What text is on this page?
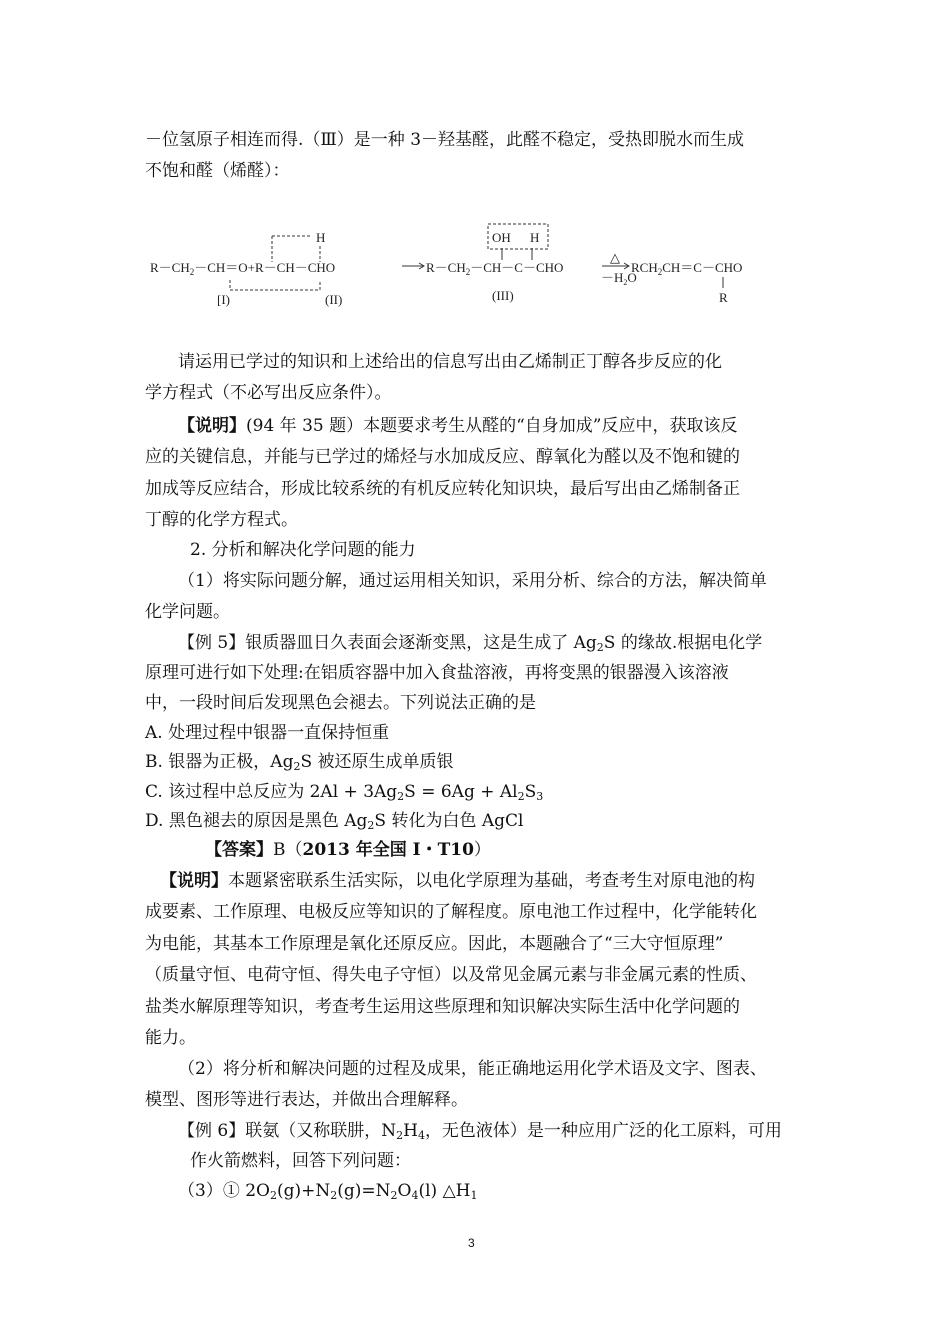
－位氢原子相连而得.（Ⅲ）是一种 3－羟基醛，此醛不稳定，受热即脱水而生成
不饱和醛（烯醛）：
$R-CH_2-CH=O+R-CH-CHO$
H
[I)	(II)
$R-CH_2-CH-C-CHO$
OH H
(III)
△
$-H_2O$
$RCH_2CH=C-CHO$
R
请运用已学过的知识和上述给出的信息写出由乙烯制正丁醇各步反应的化
学方程式（不必写出反应条件）。
【说明】(94 年 35 题）本题要求考生从醛的“自身加成”反应中，获取该反
应的关键信息，并能与已学过的烯烃与水加成反应、醇氧化为醛以及不饱和键的
加成等反应结合，形成比较系统的有机反应转化知识块，最后写出由乙烯制备正
丁醇的化学方程式。
2. 分析和解决化学问题的能力
（1）将实际问题分解，通过运用相关知识，采用分析、综合的方法，解决简单
化学问题。
【例 5】银质器皿日久表面会逐渐变黑，这是生成了 $Ag_2S$ 的缘故.根据电化学
原理可进行如下处理:在铝质容器中加入食盐溶液，再将变黑的银器漫入该溶液
中，一段时间后发现黑色会褪去。下列说法正确的是
A. 处理过程中银器一直保持恒重
B. 银器为正极，$Ag_2S$ 被还原生成单质银
C. 该过程中总反应为 $2Al + 3Ag_2S = 6Ag + Al_2S_3$
D. 黑色褪去的原因是黑色 $Ag_2S$ 转化为白色 AgCl
【答案】B（2013 年全国 I・T10）
【说明】本题紧密联系生活实际，以电化学原理为基础，考查考生对原电池的构
成要素、工作原理、电极反应等知识的了解程度。原电池工作过程中，化学能转化
为电能，其基本工作原理是氧化还原反应。因此，本题融合了“三大守恒原理”
（质量守恒、电荷守恒、得失电子守恒）以及常见金属元素与非金属元素的性质、
盐类水解原理等知识，考查考生运用这些原理和知识解决实际生活中化学问题的
能力。
（2）将分析和解决问题的过程及成果，能正确地运用化学术语及文字、图表、
模型、图形等进行表达，并做出合理解释。
【例 6】联氨（又称联肼，$N_2H_4$，无色液体）是一种应用广泛的化工原料，可用
作火箭燃料，回答下列问题：
（3）① $2O_2(g)+N_2(g)=N_2O_4(l)$ $\triangle H_1$
3
